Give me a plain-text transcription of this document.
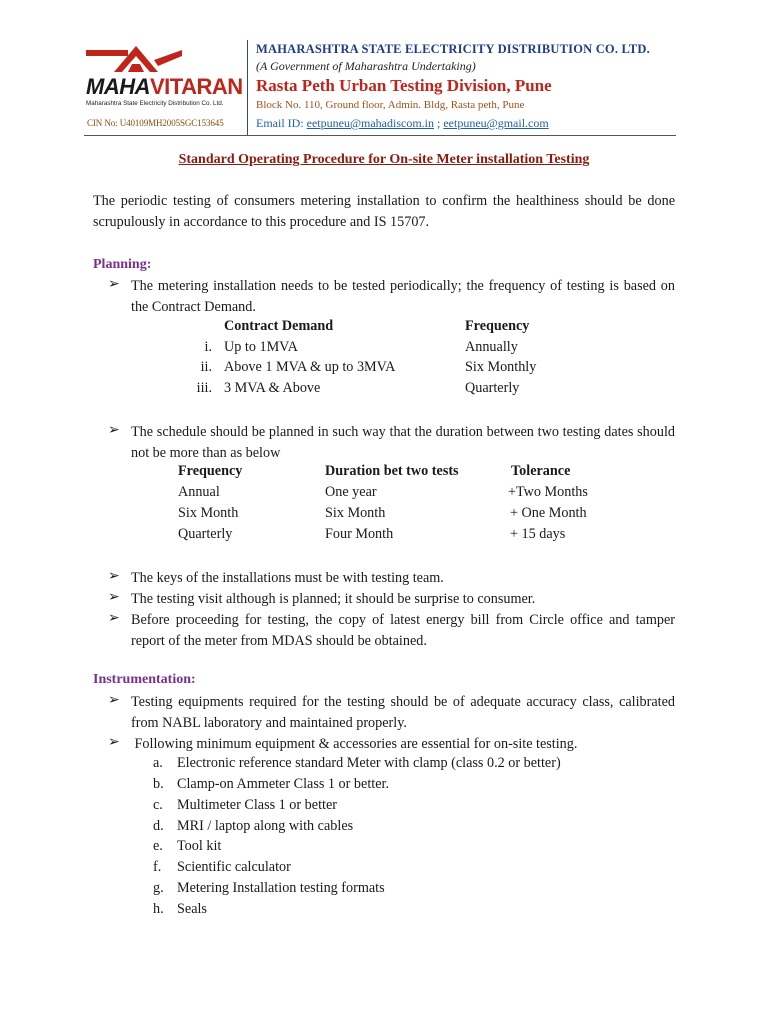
MAHAVITARAN
Maharashtra State Electricity Distribution Co. Ltd.
CIN No: U40109MH2005SGC153645
MAHARASHTRA STATE ELECTRICITY DISTRIBUTION CO. LTD.
(A Government of Maharashtra Undertaking)
Rasta Peth Urban Testing Division, Pune
Block No. 110, Ground floor, Admin. Bldg, Rasta peth, Pune
Email ID: eetpuneu@mahadiscom.in ; eetpuneu@gmail.com
Standard Operating Procedure for On-site Meter installation Testing
The periodic testing of consumers metering installation to confirm the healthiness should be done scrupulously in accordance to this procedure and IS 15707.
Planning:
➢ The metering installation needs to be tested periodically; the frequency of testing is based on the Contract Demand.
Contract Demand	Frequency
i. Up to 1MVA	Annually
ii. Above 1 MVA & up to 3MVA	Six Monthly
iii. 3 MVA & Above	Quarterly
➢ The schedule should be planned in such way that the duration between two testing dates should not be more than as below
Frequency	Duration bet two tests	Tolerance
Annual	One year	+Two Months
Six Month	Six Month	+ One Month
Quarterly	Four Month	+ 15 days
➢ The keys of the installations must be with testing team.
➢ The testing visit although is planned; it should be surprise to consumer.
➢ Before proceeding for testing, the copy of latest energy bill from Circle office and tamper report of the meter from MDAS should be obtained.
Instrumentation:
➢ Testing equipments required for the testing should be of adequate accuracy class, calibrated from NABL laboratory and maintained properly.
➢ Following minimum equipment & accessories are essential for on-site testing.
a. Electronic reference standard Meter with clamp (class 0.2 or better)
b. Clamp-on Ammeter Class 1 or better.
c. Multimeter Class 1 or better
d. MRI / laptop along with cables
e. Tool kit
f. Scientific calculator
g. Metering Installation testing formats
h. Seals
